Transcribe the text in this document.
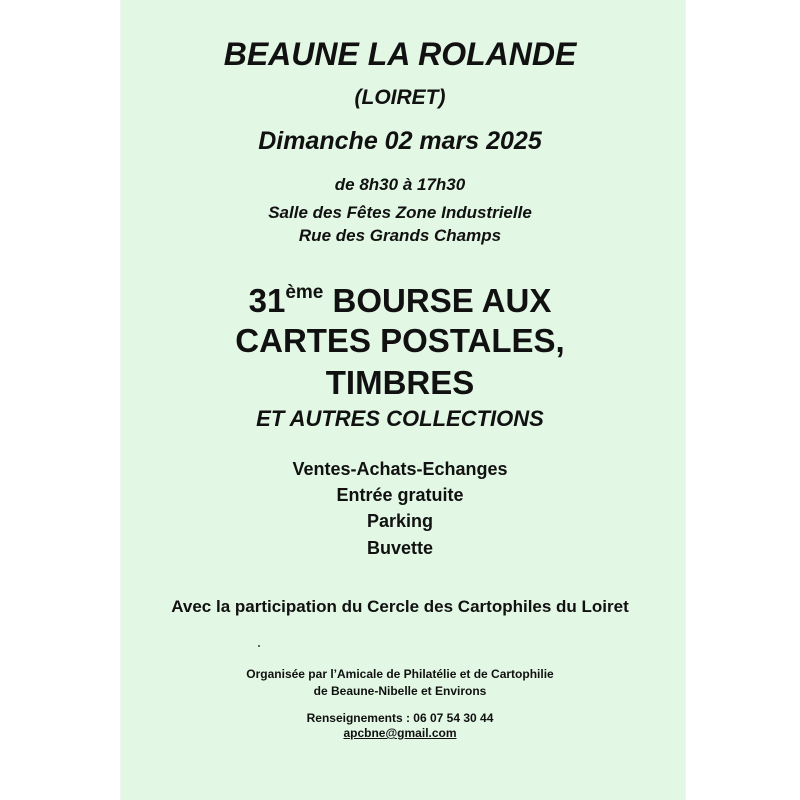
BEAUNE LA ROLANDE
(LOIRET)
Dimanche 02 mars 2025
de 8h30 à 17h30
Salle des Fêtes Zone Industrielle
Rue des Grands Champs
31ème BOURSE AUX
CARTES POSTALES,
TIMBRES
ET AUTRES COLLECTIONS
Ventes-Achats-Echanges
Entrée gratuite
Parking
Buvette
Avec la participation du Cercle des Cartophiles du Loiret
Organisée par l’Amicale de Philatélie et de Cartophilie
de Beaune-Nibelle et Environs
Renseignements : 06 07 54 30 44
apcbne@gmail.com
